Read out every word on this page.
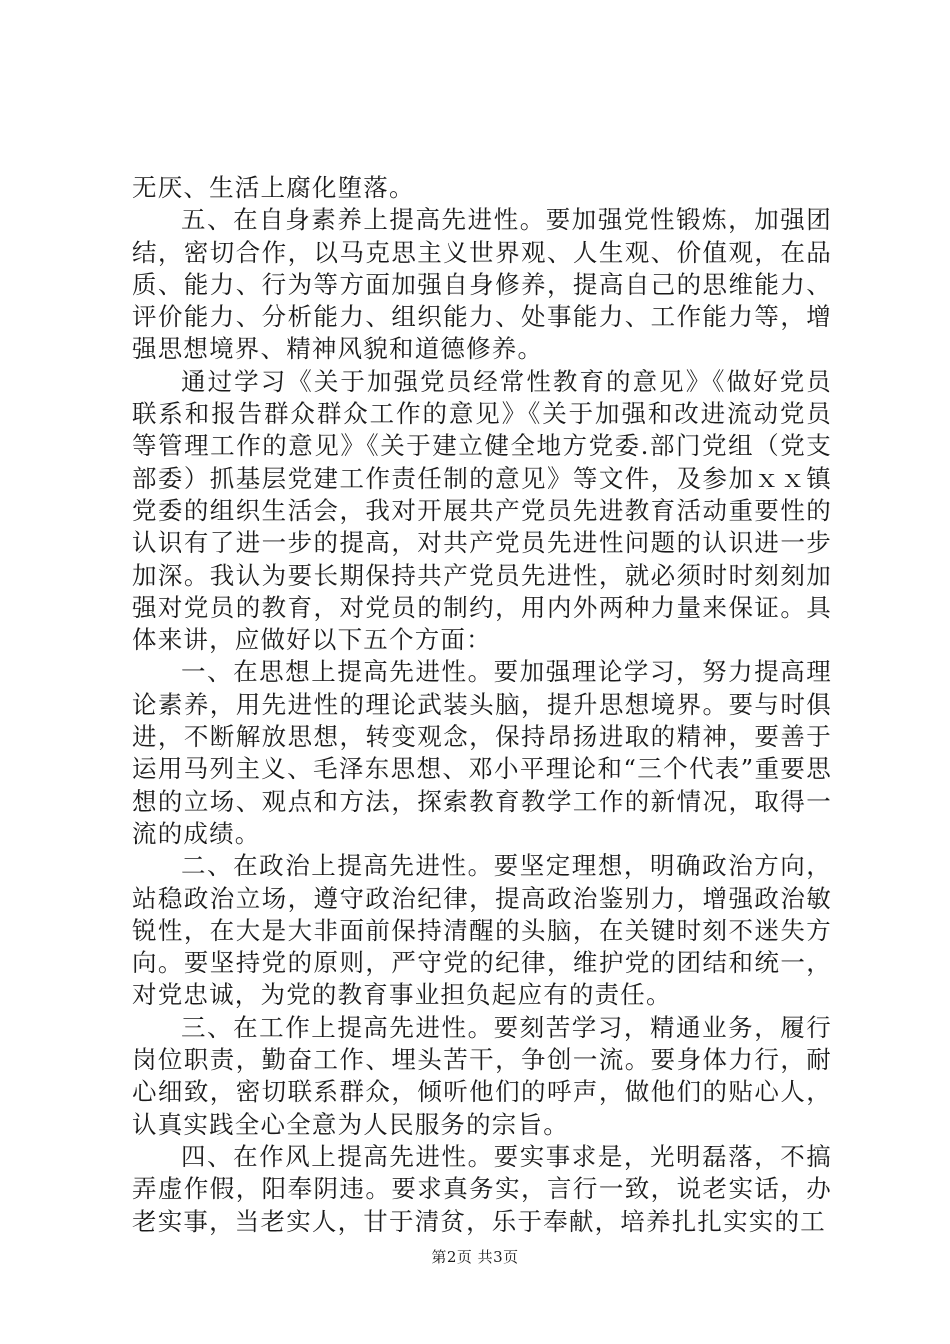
无厌、生活上腐化堕落。

五、在自身素养上提高先进性。要加强党性锻炼，加强团结，密切合作，以马克思主义世界观、人生观、价值观，在品质、能力、行为等方面加强自身修养，提高自己的思维能力、评价能力、分析能力、组织能力、处事能力、工作能力等，增强思想境界、精神风貌和道德修养。

通过学习《关于加强党员经常性教育的意见》《做好党员联系和报告群众群众工作的意见》《关于加强和改进流动党员等管理工作的意见》《关于建立健全地方党委.部门党组（党支部委）抓基层党建工作责任制的意见》等文件，及参加ｘｘ镇党委的组织生活会，我对开展共产党员先进教育活动重要性的认识有了进一步的提高，对共产党员先进性问题的认识进一步加深。我认为要长期保持共产党员先进性，就必须时时刻刻加强对党员的教育，对党员的制约，用内外两种力量来保证。具体来讲，应做好以下五个方面：

一、在思想上提高先进性。要加强理论学习，努力提高理论素养，用先进性的理论武装头脑，提升思想境界。要与时俱进，不断解放思想，转变观念，保持昂扬进取的精神，要善于运用马列主义、毛泽东思想、邓小平理论和“三个代表”重要思想的立场、观点和方法，探索教育教学工作的新情况，取得一流的成绩。

二、在政治上提高先进性。要坚定理想，明确政治方向，站稳政治立场，遵守政治纪律，提高政治鉴别力，增强政治敏锐性，在大是大非面前保持清醒的头脑，在关键时刻不迷失方向。要坚持党的原则，严守党的纪律，维护党的团结和统一，对党忠诚，为党的教育事业担负起应有的责任。

三、在工作上提高先进性。要刻苦学习，精通业务，履行岗位职责，勤奋工作、埋头苦干，争创一流。要身体力行，耐心细致，密切联系群众，倾听他们的呼声，做他们的贴心人，认真实践全心全意为人民服务的宗旨。

四、在作风上提高先进性。要实事求是，光明磊落，不搞弄虚作假，阳奉阴违。要求真务实，言行一致，说老实话，办老实事，当老实人，甘于清贫，乐于奉献，培养扎扎实实的工

第2页 共3页
